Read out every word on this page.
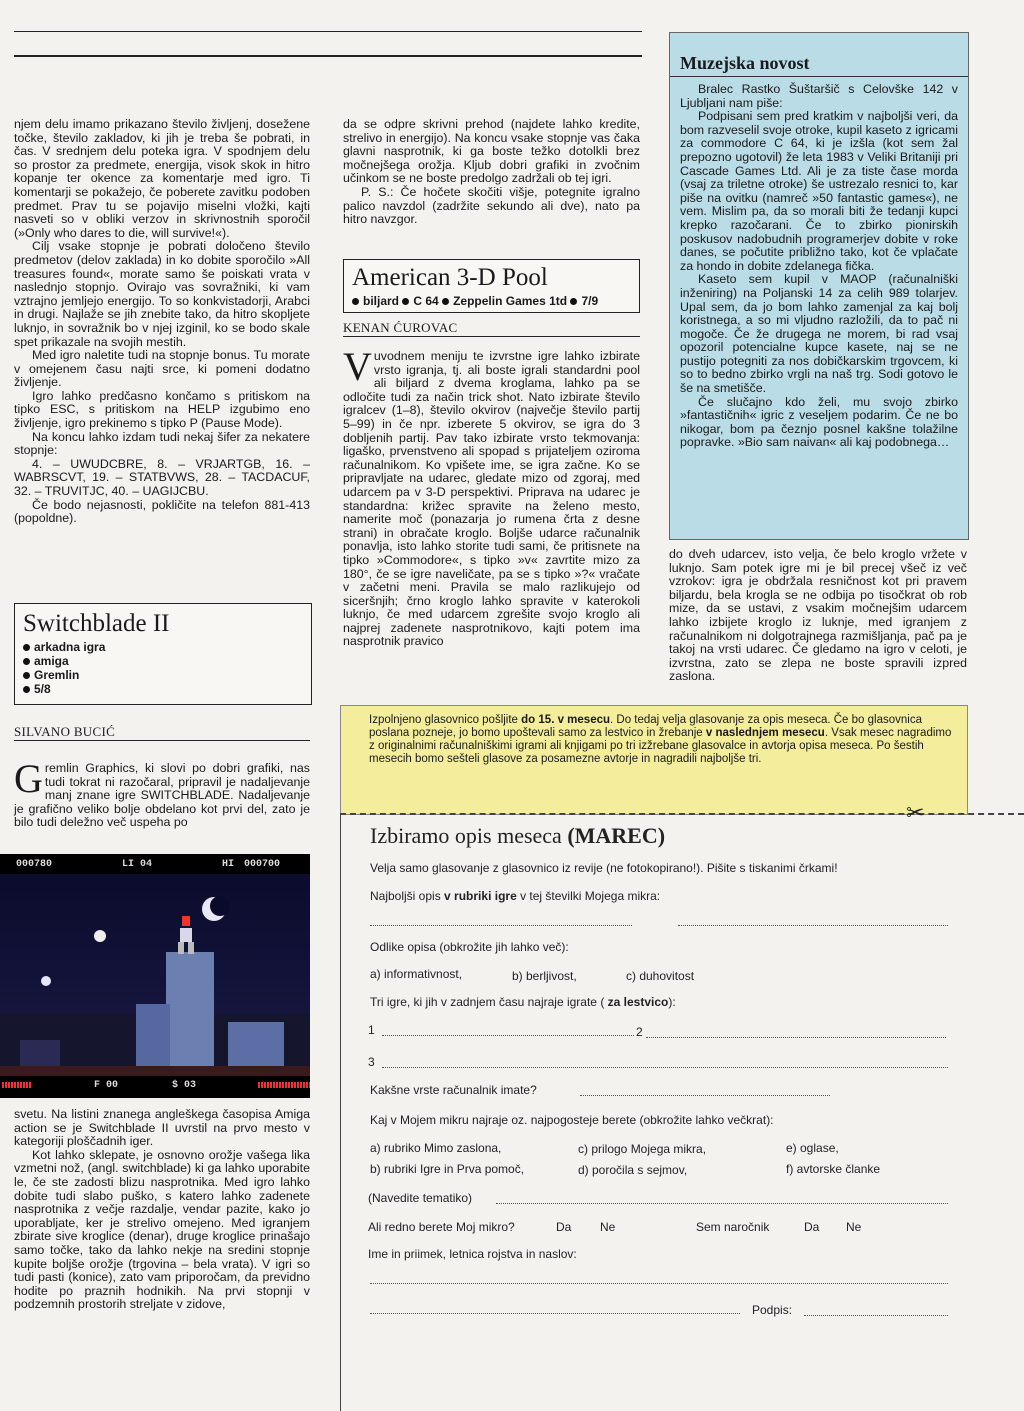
njem delu imamo prikazano število življenj, dosežene točke, število zakladov, ki jih je treba še pobrati, in čas. V srednjem delu poteka igra. V spodnjem delu so prostor za predmete, energija, visok skok in hitro kopanje ter okence za komentarje med igro. Ti komentarji se pokažejo, če poberete zavitku podoben predmet. Prav tu se pojavijo miselni vložki, kajti nasveti so v obliki verzov in skrivnostnih sporočil (»Only who dares to die, will survive!«).

Cilj vsake stopnje je pobrati določeno število predmetov (delov zaklada) in ko dobite sporočilo »All treasures found«, morate samo še poiskati vrata v naslednjo stopnjo. Ovirajo vas sovražniki, ki vam vztrajno jemljejo energijo. To so konkvistadorji, Arabci in drugi. Najlaže se jih znebite tako, da hitro skopljete luknjo, in sovražnik bo v njej izginil, ko se bodo skale spet prikazale na svojih mestih.

Med igro naletite tudi na stopnje bonus. Tu morate v omejenem času najti srce, ki pomeni dodatno življenje.

Igro lahko predčasno končamo s pritiskom na tipko ESC, s pritiskom na HELP izgubimo eno življenje, igro prekinemo s tipko P (Pause Mode).

Na koncu lahko izdam tudi nekaj šifer za nekatere stopnje:

4. – UWUDCBRE, 8. – VRJARTGB, 16. – WABRSCVT, 19. – STATBVWS, 28. – TACDACUF, 32. – TRUVITJC, 40. – UAGIJCBU.

Če bodo nejasnosti, pokličite na telefon 881-413 (popoldne).

Switchblade II
arkadna igra
amiga
Gremlin
5/8
SILVANO BUCIĆ
Gremlin Graphics, ki slovi po dobri grafiki, nas tudi tokrat ni razočaral, pripravil je nadaljevanje manj znane igre SWITCHBLADE. Nadaljevanje je grafično veliko bolje obdelano kot prvi del, zato je bilo tudi deležno več uspeha po
000780	LI 04	HI 000700
F 00	$ 03

svetu. Na listini znanega angleškega časopisa Amiga action se je Switchblade II uvrstil na prvo mesto v kategoriji ploščadnih iger.

Kot lahko sklepate, je osnovno orožje vašega lika vzmetni nož, (angl. switchblade) ki ga lahko uporabite le, če ste zadosti blizu nasprotnika. Med igro lahko dobite tudi slabo puško, s katero lahko zadenete nasprotnika z večje razdalje, vendar pazite, kako jo uporabljate, ker je strelivo omejeno. Med igranjem zbirate sive kroglice (denar), druge kroglice prinašajo samo točke, tako da lahko nekje na sredini stopnje kupite boljše orožje (trgovina – bela vrata). V igri so tudi pasti (konice), zato vam priporočam, da previdno hodite po praznih hodnikih. Na prvi stopnji v podzemnih prostorih streljate v zidove,

da se odpre skrivni prehod (najdete lahko kredite, strelivo in energijo). Na koncu vsake stopnje vas čaka glavni nasprotnik, ki ga boste težko dotolkli brez močnejšega orožja. Kljub dobri grafiki in zvočnim učinkom se ne boste predolgo zadržali ob tej igri.

P. S.: Če hočete skočiti višje, potegnite igralno palico navzdol (zadržite sekundo ali dve), nato pa hitro navzgor.

American 3-D Pool
biljard C 64 Zeppelin Games 1td 7/9
KENAN ĆUROVAC
V uvodnem meniju te izvrstne igre lahko izbirate vrsto igranja, tj. ali boste igrali standardni pool ali biljard z dvema kroglama, lahko pa se odločite tudi za način trick shot. Nato izbirate število igralcev (1–8), število okvirov (največje število partij 5–99) in če npr. izberete 5 okvirov, se igra do 3 dobljenih partij. Pav tako izbirate vrsto tekmovanja: ligaško, prvenstveno ali spopad s prijateljem oziroma računalnikom. Ko vpišete ime, se igra začne. Ko se pripravljate na udarec, gledate mizo od zgoraj, med udarcem pa v 3-D perspektivi. Priprava na udarec je standardna: križec spravite na želeno mesto, namerite moč (ponazarja jo rumena črta z desne strani) in obračate kroglo. Boljše udarce računalnik ponavlja, isto lahko storite tudi sami, če pritisnete na tipko »Commodore«, s tipko »v« zavrtite mizo za 180°, če se igre naveličate, pa se s tipko »?« vračate v začetni meni. Pravila se malo razlikujejo od siceršnjih; črno kroglo lahko spravite v katerokoli luknjo, če med udarcem zgrešite svojo kroglo ali najprej zadenete nasprotnikovo, kajti potem ima nasprotnik pravico
Muzejska novost

Bralec Rastko Šuštaršič s Celovške 142 v Ljubljani nam piše:

Podpisani sem pred kratkim v najboljši veri, da bom razveselil svoje otroke, kupil kaseto z igricami za commodore C 64, ki je izšla (kot sem žal prepozno ugotovil) že leta 1983 v Veliki Britaniji pri Cascade Games Ltd. Ali je za tiste čase morda (vsaj za triletne otroke) še ustrezalo resnici to, kar piše na ovitku (namreč »50 fantastic games«), ne vem. Mislim pa, da so morali biti že tedanji kupci krepko razočarani. Če to zbirko pionirskih poskusov nadobudnih programerjev dobite v roke danes, se počutite približno tako, kot če vplačate za hondo in dobite zdelanega fička.

Kaseto sem kupil v MAOP (računalniški inženiring) na Poljanski 14 za celih 989 tolarjev. Upal sem, da jo bom lahko zamenjal za kaj bolj koristnega, a so mi vljudno razložili, da to pač ni mogoče. Če že drugega ne morem, bi rad vsaj opozoril potencialne kupce kasete, naj se ne pustijo potegniti za nos dobičkarskim trgovcem, ki so to bedno zbirko vrgli na naš trg. Sodi gotovo le še na smetišče.

Če slučajno kdo želi, mu svojo zbirko »fantastičnih« igric z veseljem podarim. Če ne bo nikogar, bom pa čeznjo posnel kakšne tolažilne popravke. »Bio sam naivan« ali kaj podobnega…

do dveh udarcev, isto velja, če belo kroglo vržete v luknjo. Sam potek igre mi je bil precej všeč iz več vzrokov: igra je obdržala resničnost kot pri pravem biljardu, bela krogla se ne odbija po tisočkrat ob rob mize, da se ustavi, z vsakim močnejšim udarcem lahko izbijete kroglo iz luknje, med igranjem z računalnikom ni dolgotrajnega razmišljanja, pač pa je takoj na vrsti udarec. Če gledamo na igro v celoti, je izvrstna, zato se zlepa ne boste spravili izpred zaslona.

Izpolnjeno glasovnico pošljite do 15. v mesecu. Do tedaj velja glasovanje za opis meseca. Če bo glasovnica poslana pozneje, jo bomo upoštevali samo za lestvico in žrebanje v naslednjem mesecu. Vsak mesec nagradimo z originalnimi računalniškimi igrami ali knjigami po tri izžrebane glasovalce in avtorja opisa meseca. Po šestih mesecih bomo sešteli glasove za posamezne avtorje in nagradili najboljše tri.
✂
Izbiramo opis meseca (MAREC)
Velja samo glasovanje z glasovnico iz revije (ne fotokopirano!). Pišite s tiskanimi črkami!
Najboljši opis v rubriki igre v tej številki Mojega mikra:
Odlike opisa (obkrožite jih lahko več):
a) informativnost,	b) berljivost,	c) duhovitost
Tri igre, ki jih v zadnjem času najraje igrate ( za lestvico):
1	2
3
Kakšne vrste računalnik imate?
Kaj v Mojem mikru najraje oz. najpogosteje berete (obkrožite lahko večkrat):
a) rubriko Mimo zaslona,	c) prilogo Mojega mikra,	e) oglase,
b) rubriki Igre in Prva pomoč,	d) poročila s sejmov,	f) avtorske članke
(Navedite tematiko)
Ali redno berete Moj mikro?	Da Ne	Sem naročnik	Da Ne
Ime in priimek, letnica rojstva in naslov:
Podpis:
